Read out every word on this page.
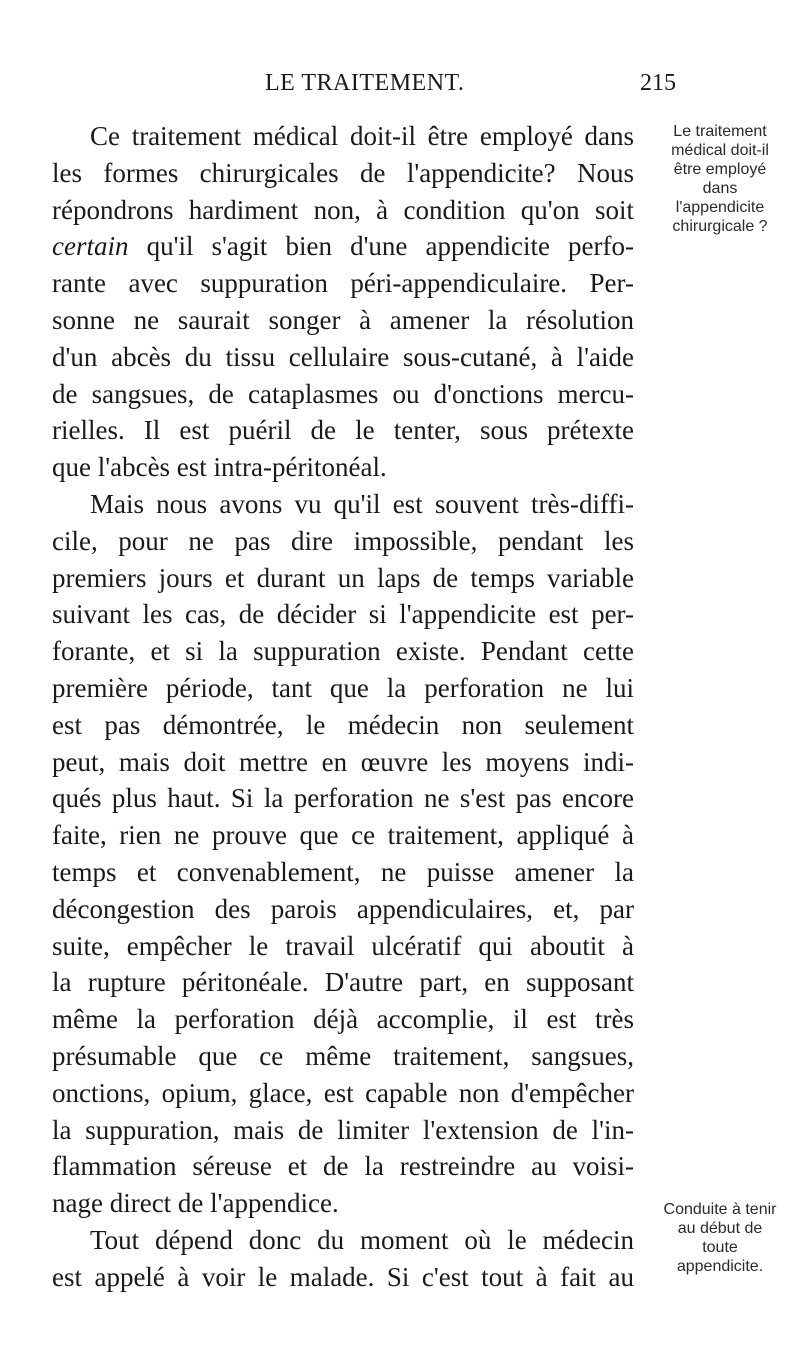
LE TRAITEMENT.	215
Ce traitement médical doit-il être employé dans
les formes chirurgicales de l'appendicite? Nous
répondrons hardiment non, à condition qu'on soit
certain qu'il s'agit bien d'une appendicite perfo-
rante avec suppuration péri-appendiculaire. Per-
sonne ne saurait songer à amener la résolution
d'un abcès du tissu cellulaire sous-cutané, à l'aide
de sangsues, de cataplasmes ou d'onctions mercu-
rielles. Il est puéril de le tenter, sous prétexte
que l'abcès est intra-péritonéal.
Mais nous avons vu qu'il est souvent très-diffi-
cile, pour ne pas dire impossible, pendant les
premiers jours et durant un laps de temps variable
suivant les cas, de décider si l'appendicite est per-
forante, et si la suppuration existe. Pendant cette
première période, tant que la perforation ne lui
est pas démontrée, le médecin non seulement
peut, mais doit mettre en œuvre les moyens indi-
qués plus haut. Si la perforation ne s'est pas encore
faite, rien ne prouve que ce traitement, appliqué à
temps et convenablement, ne puisse amener la
décongestion des parois appendiculaires, et, par
suite, empêcher le travail ulcératif qui aboutit à
la rupture péritonéale. D'autre part, en supposant
même la perforation déjà accomplie, il est très
présumable que ce même traitement, sangsues,
onctions, opium, glace, est capable non d'empêcher
la suppuration, mais de limiter l'extension de l'in-
flammation séreuse et de la restreindre au voisi-
nage direct de l'appendice.
Tout dépend donc du moment où le médecin
est appelé à voir le malade. Si c'est tout à fait au
Le traitement
médical doit-il
être employé
dans
l'appendicite
chirurgicale ?
Conduite à tenir
au début de
toute
appendicite.
